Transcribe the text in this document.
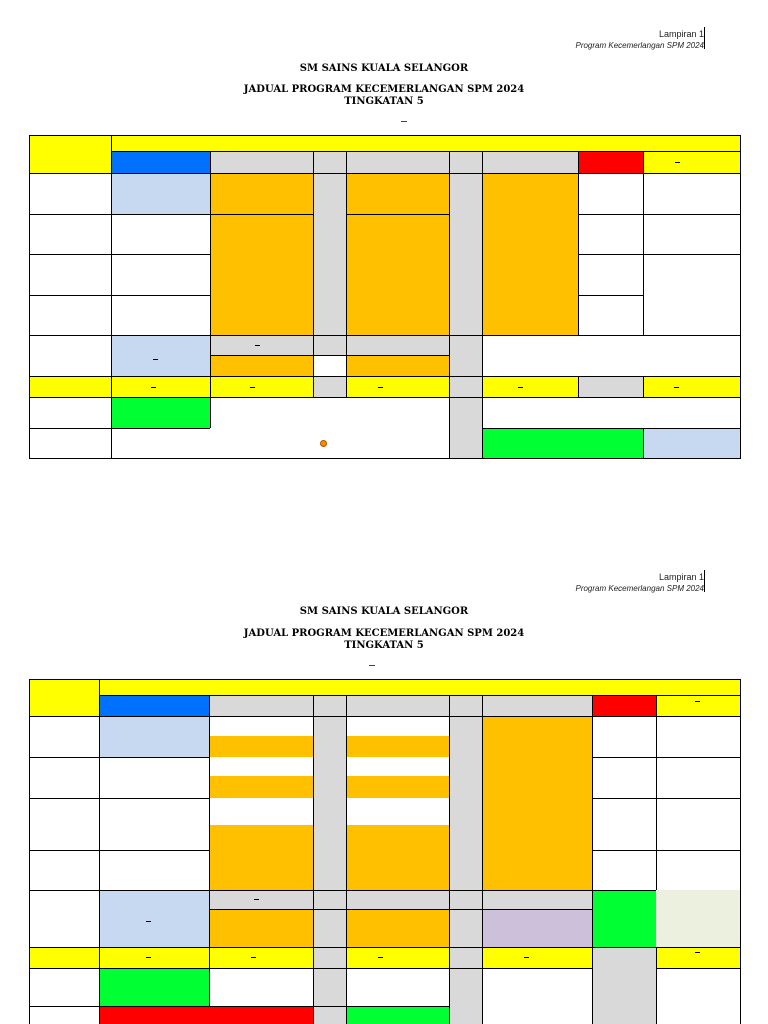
Lampiran 1
Program Kecemerlangan SPM 2024
SM SAINS KUALA SELANGOR
JADUAL PROGRAM KECEMERLANGAN SPM 2024
TINGKATAN 5
Lampiran 1
Program Kecemerlangan SPM 2024
SM SAINS KUALA SELANGOR
JADUAL PROGRAM KECEMERLANGAN SPM 2024
TINGKATAN 5
